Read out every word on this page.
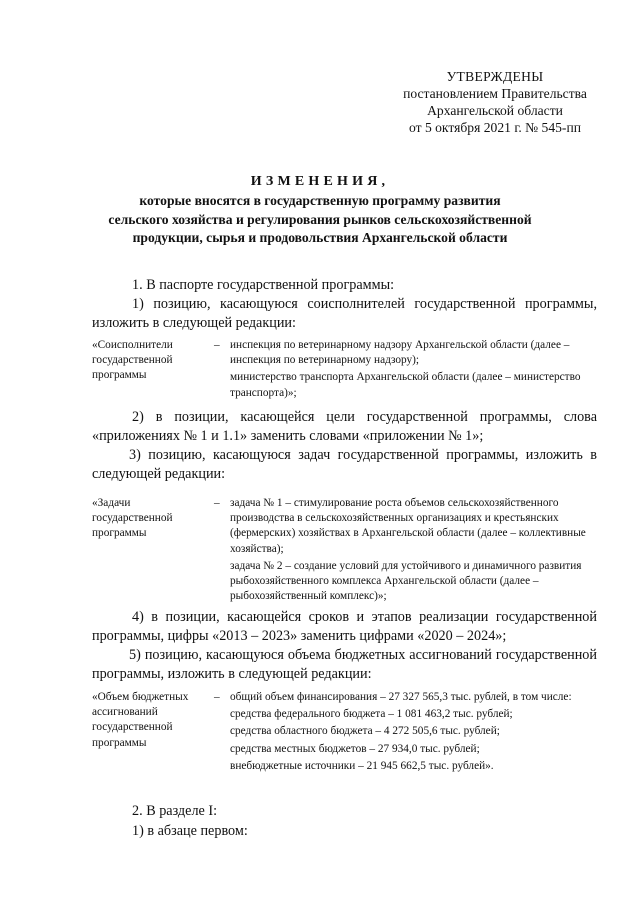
УТВЕРЖДЕНЫ
постановлением Правительства
Архангельской области
от 5 октября 2021 г. № 545-пп
ИЗМЕНЕНИЯ,
которые вносятся в государственную программу развития
сельского хозяйства и регулирования рынков сельскохозяйственной
продукции, сырья и продовольствия Архангельской области
1. В паспорте государственной программы:
1) позицию, касающуюся соисполнителей государственной программы, изложить в следующей редакции:
«Соисполнители государственной программы
– инспекция по ветеринарному надзору Архангельской области (далее – инспекция по ветеринарному надзору);
министерство транспорта Архангельской области (далее – министерство транспорта)»;
2) в позиции, касающейся цели государственной программы, слова «приложениях № 1 и 1.1» заменить словами «приложении № 1»;
3) позицию, касающуюся задач государственной программы, изложить в следующей редакции:
«Задачи государственной программы
– задача № 1 – стимулирование роста объемов сельскохозяйственного производства в сельскохозяйственных организациях и крестьянских (фермерских) хозяйствах в Архангельской области (далее – коллективные хозяйства);
задача № 2 – создание условий для устойчивого и динамичного развития рыбохозяйственного комплекса Архангельской области (далее – рыбохозяйственный комплекс)»;
4) в позиции, касающейся сроков и этапов реализации государственной программы, цифры «2013 – 2023» заменить цифрами «2020 – 2024»;
5) позицию, касающуюся объема бюджетных ассигнований государственной программы, изложить в следующей редакции:
«Объем бюджетных ассигнований государственной программы
– общий объем финансирования – 27 327 565,3 тыс. рублей, в том числе:
средства федерального бюджета – 1 081 463,2 тыс. рублей;
средства областного бюджета – 4 272 505,6 тыс. рублей;
средства местных бюджетов – 27 934,0 тыс. рублей;
внебюджетные источники – 21 945 662,5 тыс. рублей».
2. В разделе I:
1) в абзаце первом:
